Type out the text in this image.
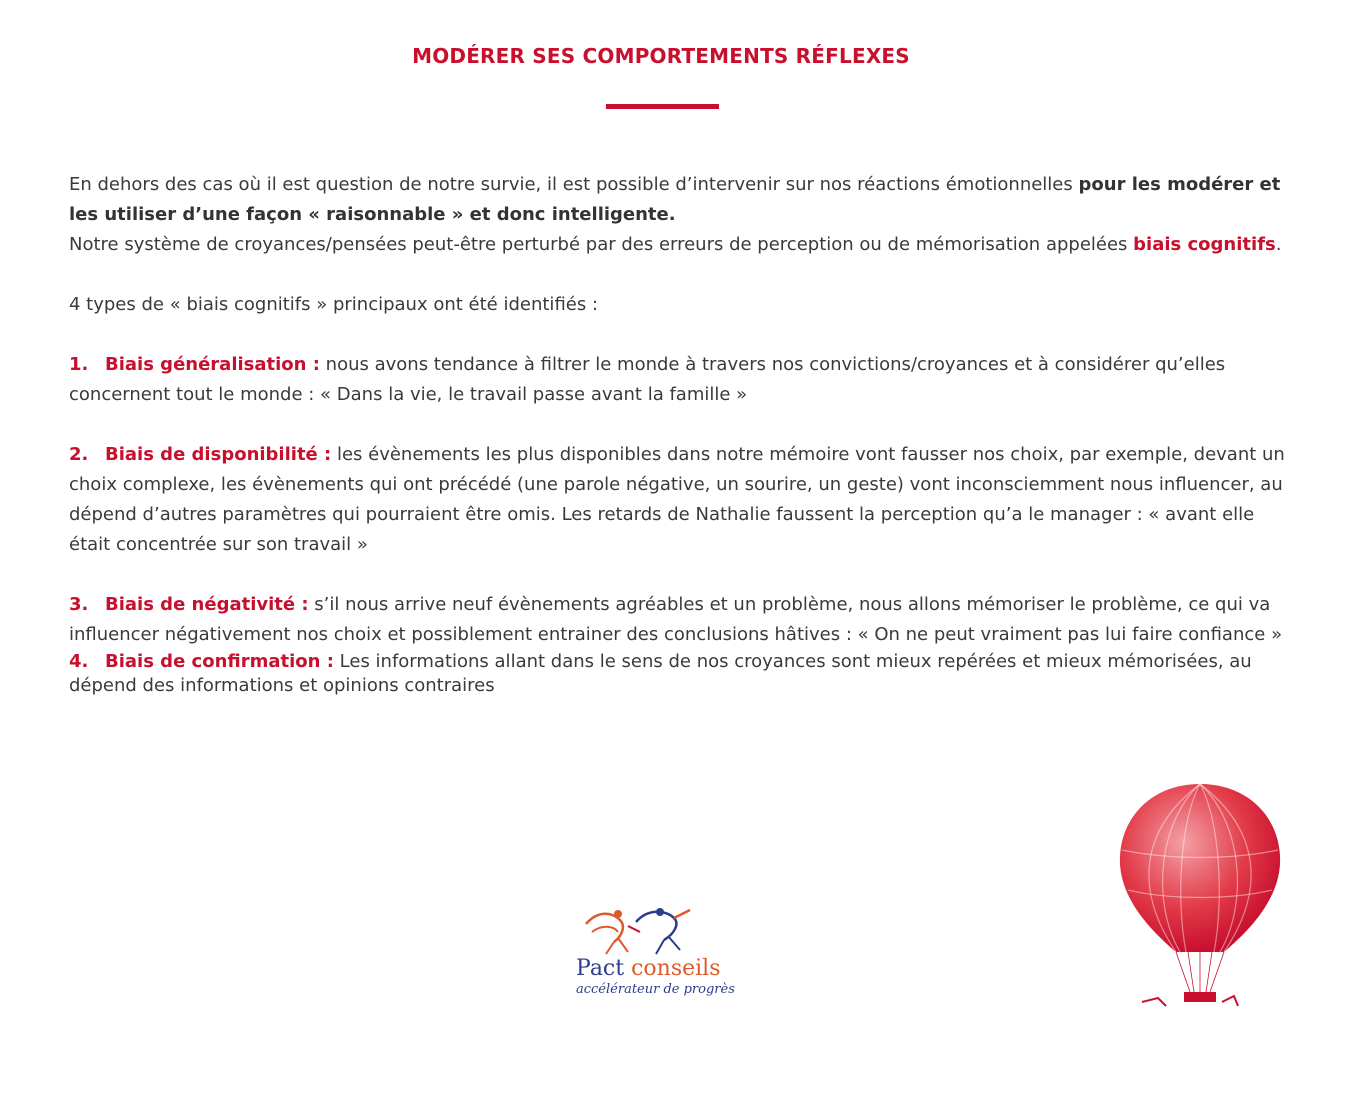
MODÉRER SES COMPORTEMENTS RÉFLEXES

En dehors des cas où il est question de notre survie, il est possible d’intervenir sur nos réactions émotionnelles pour les modérer et les utiliser d’une façon « raisonnable » et donc intelligente.

Notre système de croyances/pensées peut-être perturbé par des erreurs de perception ou de mémorisation appelées biais cognitifs.

4 types de « biais cognitifs » principaux ont été identifiés :

1. Biais généralisation : nous avons tendance à filtrer le monde à travers nos convictions/croyances et à considérer qu’elles concernent tout le monde : « Dans la vie, le travail passe avant la famille »

2. Biais de disponibilité : les évènements les plus disponibles dans notre mémoire vont fausser nos choix, par exemple, devant un choix complexe, les évènements qui ont précédé (une parole négative, un sourire, un geste) vont inconsciemment nous influencer, au dépend d’autres paramètres qui pourraient être omis. Les retards de Nathalie faussent la perception qu’a le manager : « avant elle était concentrée sur son travail »

3. Biais de négativité : s’il nous arrive neuf évènements agréables et un problème, nous allons mémoriser le problème, ce qui va influencer négativement nos choix et possiblement entrainer des conclusions hâtives : « On ne peut vraiment pas lui faire confiance »

4. Biais de confirmation : Les informations allant dans le sens de nos croyances sont mieux repérées et mieux mémorisées, au dépend des informations et opinions contraires

Pact conseils
accélérateur de progrès
